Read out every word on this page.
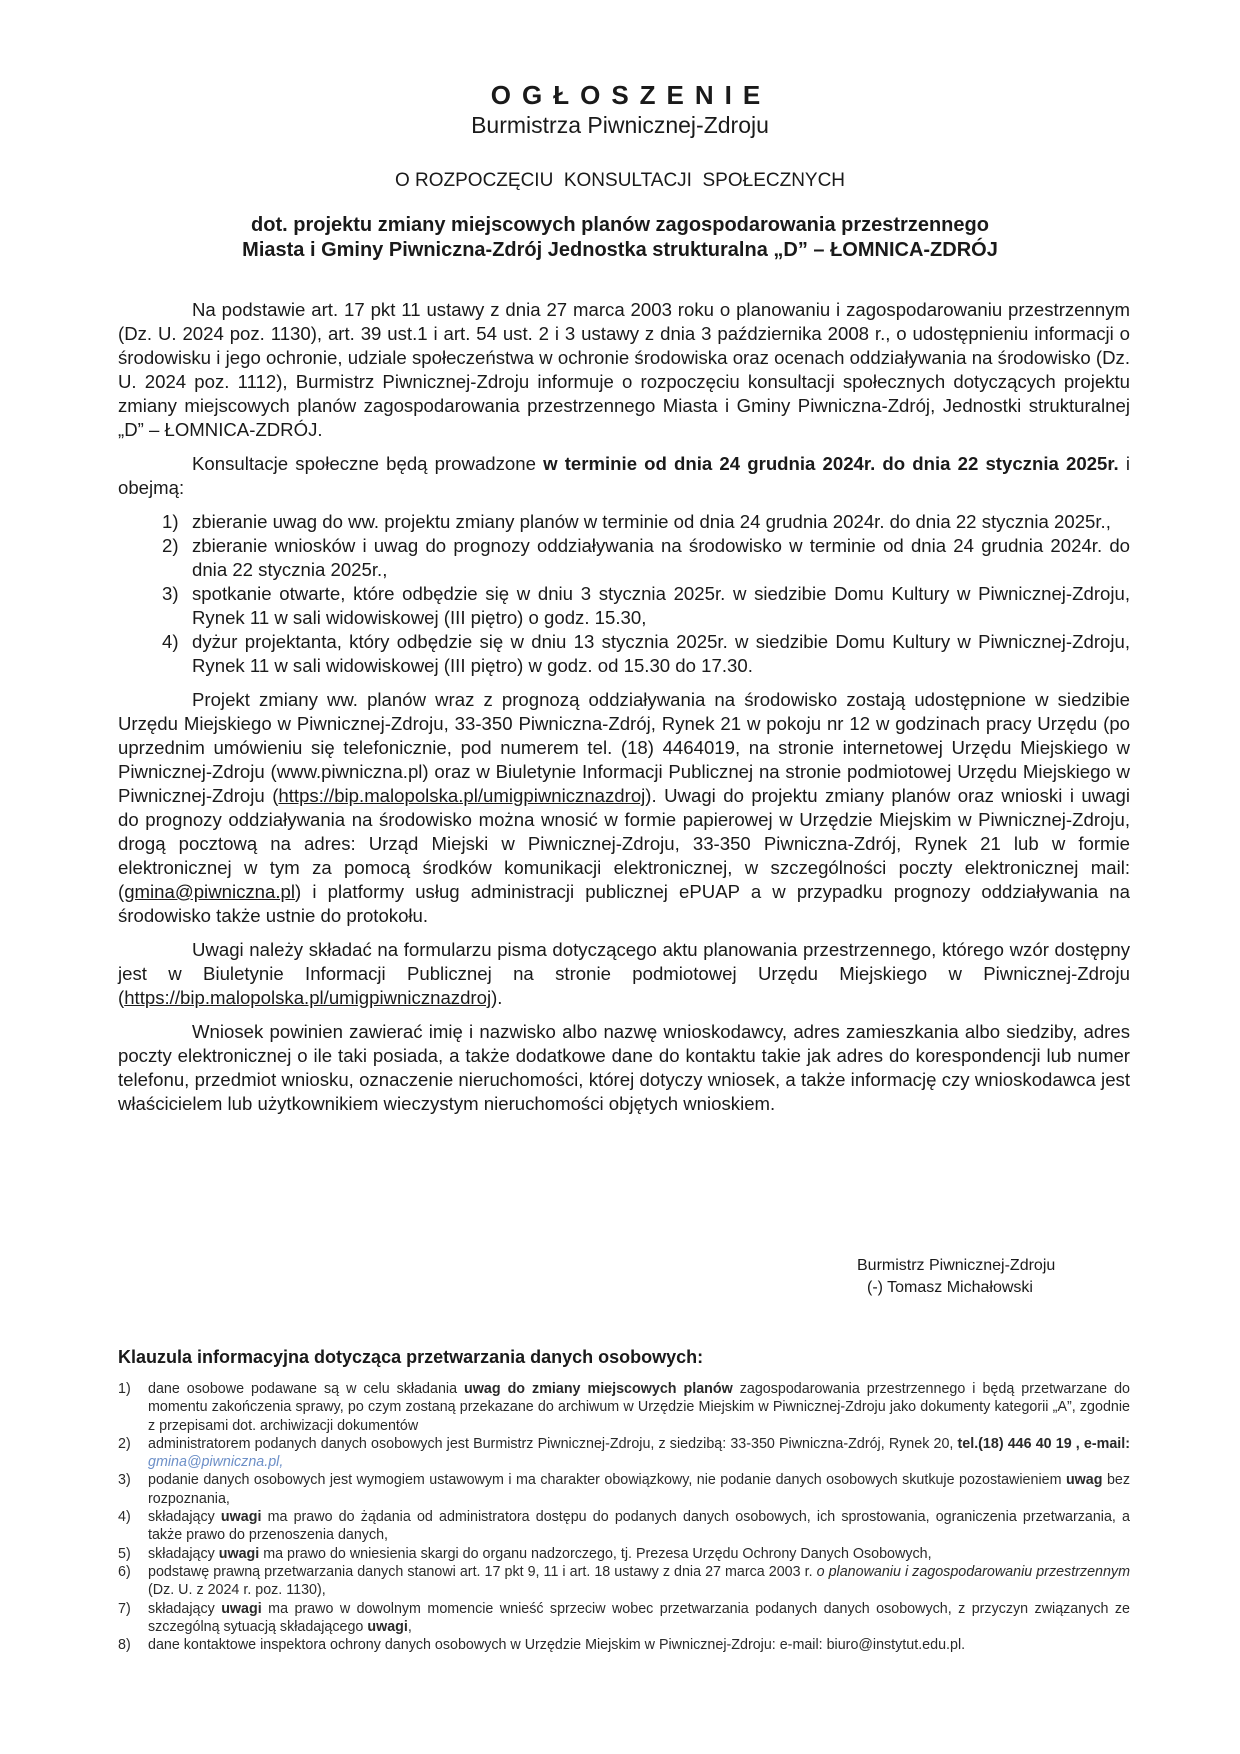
OGŁOSZENIE
Burmistrza Piwnicznej-Zdroju
O ROZPOCZĘCIU  KONSULTACJI  SPOŁECZNYCH
dot. projektu zmiany miejscowych planów zagospodarowania przestrzennego
Miasta i Gminy Piwniczna-Zdrój Jednostka strukturalna „D” – ŁOMNICA-ZDRÓJ

Na podstawie art. 17 pkt 11 ustawy z dnia 27 marca 2003 roku o planowaniu i zagospodarowaniu przestrzennym (Dz. U. 2024 poz. 1130), art. 39 ust.1 i art. 54 ust. 2 i 3 ustawy z dnia 3 października 2008 r., o udostępnieniu informacji o środowisku i jego ochronie, udziale społeczeństwa w ochronie środowiska oraz ocenach oddziaływania na środowisko (Dz. U. 2024 poz. 1112), Burmistrz Piwnicznej-Zdroju informuje o rozpoczęciu konsultacji społecznych dotyczących projektu zmiany miejscowych planów zagospodarowania przestrzennego Miasta i Gminy Piwniczna-Zdrój, Jednostki strukturalnej „D” – ŁOMNICA-ZDRÓJ.

Konsultacje społeczne będą prowadzone w terminie od dnia 24 grudnia 2024r. do dnia 22 stycznia 2025r. i obejmą:

1) zbieranie uwag do ww. projektu zmiany planów w terminie od dnia 24 grudnia 2024r. do dnia 22 stycznia 2025r.,
2) zbieranie wniosków i uwag do prognozy oddziaływania na środowisko w terminie od dnia 24 grudnia 2024r. do dnia 22 stycznia 2025r.,
3) spotkanie otwarte, które odbędzie się w dniu 3 stycznia 2025r. w siedzibie Domu Kultury w Piwnicznej-Zdroju, Rynek 11 w sali widowiskowej (III piętro) o godz. 15.30,
4) dyżur projektanta, który odbędzie się w dniu 13 stycznia 2025r. w siedzibie Domu Kultury w Piwnicznej-Zdroju, Rynek 11 w sali widowiskowej (III piętro) w godz. od 15.30 do 17.30.

Projekt zmiany ww. planów wraz z prognozą oddziaływania na środowisko zostają udostępnione w siedzibie Urzędu Miejskiego w Piwnicznej-Zdroju, 33-350 Piwniczna-Zdrój, Rynek 21 w pokoju nr 12 w godzinach pracy Urzędu (po uprzednim umówieniu się telefonicznie, pod numerem tel. (18) 4464019, na stronie internetowej Urzędu Miejskiego w Piwnicznej-Zdroju (www.piwniczna.pl) oraz w Biuletynie Informacji Publicznej na stronie podmiotowej Urzędu Miejskiego w Piwnicznej-Zdroju (https://bip.malopolska.pl/umigpiwnicznazdroj). Uwagi do projektu zmiany planów oraz wnioski i uwagi do prognozy oddziaływania na środowisko można wnosić w formie papierowej w Urzędzie Miejskim w Piwnicznej-Zdroju, drogą pocztową na adres: Urząd Miejski w Piwnicznej-Zdroju, 33-350 Piwniczna-Zdrój, Rynek 21 lub w formie elektronicznej w tym za pomocą środków komunikacji elektronicznej, w szczególności poczty elektronicznej mail: (gmina@piwniczna.pl) i platformy usług administracji publicznej ePUAP a w przypadku prognozy oddziaływania na środowisko także ustnie do protokołu.

Uwagi należy składać na formularzu pisma dotyczącego aktu planowania przestrzennego, którego wzór dostępny jest w Biuletynie Informacji Publicznej na stronie podmiotowej Urzędu Miejskiego w Piwnicznej-Zdroju (https://bip.malopolska.pl/umigpiwnicznazdroj).

Wniosek powinien zawierać imię i nazwisko albo nazwę wnioskodawcy, adres zamieszkania albo siedziby, adres poczty elektronicznej o ile taki posiada, a także dodatkowe dane do kontaktu takie jak adres do korespondencji lub numer telefonu, przedmiot wniosku, oznaczenie nieruchomości, której dotyczy wniosek, a także informację czy wnioskodawca jest właścicielem lub użytkownikiem wieczystym nieruchomości objętych wnioskiem.

Burmistrz Piwnicznej-Zdroju
(-) Tomasz Michałowski
Klauzula informacyjna dotycząca przetwarzania danych osobowych:
1) dane osobowe podawane są w celu składania uwag do zmiany miejscowych planów zagospodarowania przestrzennego i będą przetwarzane do momentu zakończenia sprawy, po czym zostaną przekazane do archiwum w Urzędzie Miejskim w Piwnicznej-Zdroju jako dokumenty kategorii „A”, zgodnie z przepisami dot. archiwizacji dokumentów
2) administratorem podanych danych osobowych jest Burmistrz Piwnicznej-Zdroju, z siedzibą: 33-350 Piwniczna-Zdrój, Rynek 20, tel.(18) 446 40 19 , e-mail: gmina@piwniczna.pl,
3) podanie danych osobowych jest wymogiem ustawowym i ma charakter obowiązkowy, nie podanie danych osobowych skutkuje pozostawieniem uwag bez rozpoznania,
4) składający uwagi ma prawo do żądania od administratora dostępu do podanych danych osobowych, ich sprostowania, ograniczenia przetwarzania, a także prawo do przenoszenia danych,
5) składający uwagi ma prawo do wniesienia skargi do organu nadzorczego, tj. Prezesa Urzędu Ochrony Danych Osobowych,
6) podstawę prawną przetwarzania danych stanowi art. 17 pkt 9, 11 i art. 18 ustawy z dnia 27 marca 2003 r. o planowaniu i zagospodarowaniu przestrzennym (Dz. U. z 2024 r. poz. 1130),
7) składający uwagi ma prawo w dowolnym momencie wnieść sprzeciw wobec przetwarzania podanych danych osobowych, z przyczyn związanych ze szczególną sytuacją składającego uwagi,
8) dane kontaktowe inspektora ochrony danych osobowych w Urzędzie Miejskim w Piwnicznej-Zdroju: e-mail: biuro@instytut.edu.pl.
